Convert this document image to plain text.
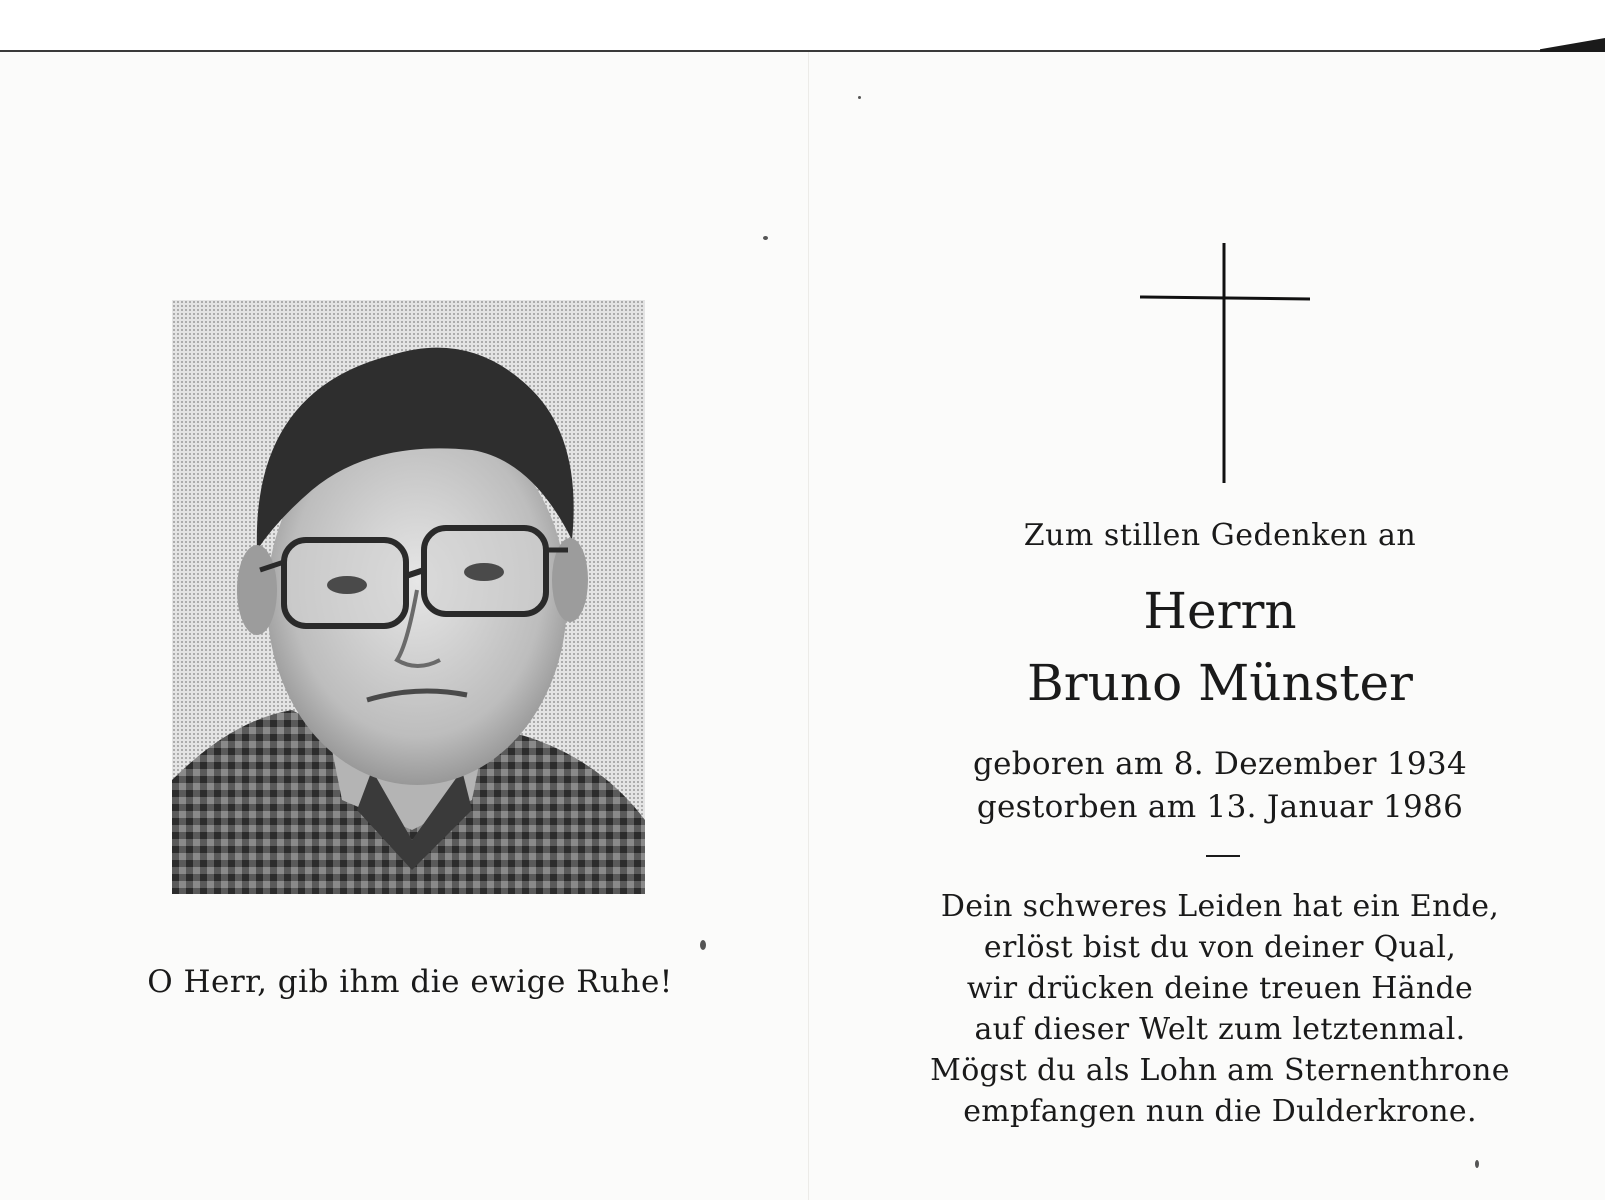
O Herr, gib ihm die ewige Ruhe!
Zum stillen Gedenken an
Herrn
Bruno Münster
geboren am 8. Dezember 1934
gestorben am 13. Januar 1986
Dein schweres Leiden hat ein Ende,
erlöst bist du von deiner Qual,
wir drücken deine treuen Hände
auf dieser Welt zum letztenmal.
Mögst du als Lohn am Sternenthrone
empfangen nun die Dulderkrone.
